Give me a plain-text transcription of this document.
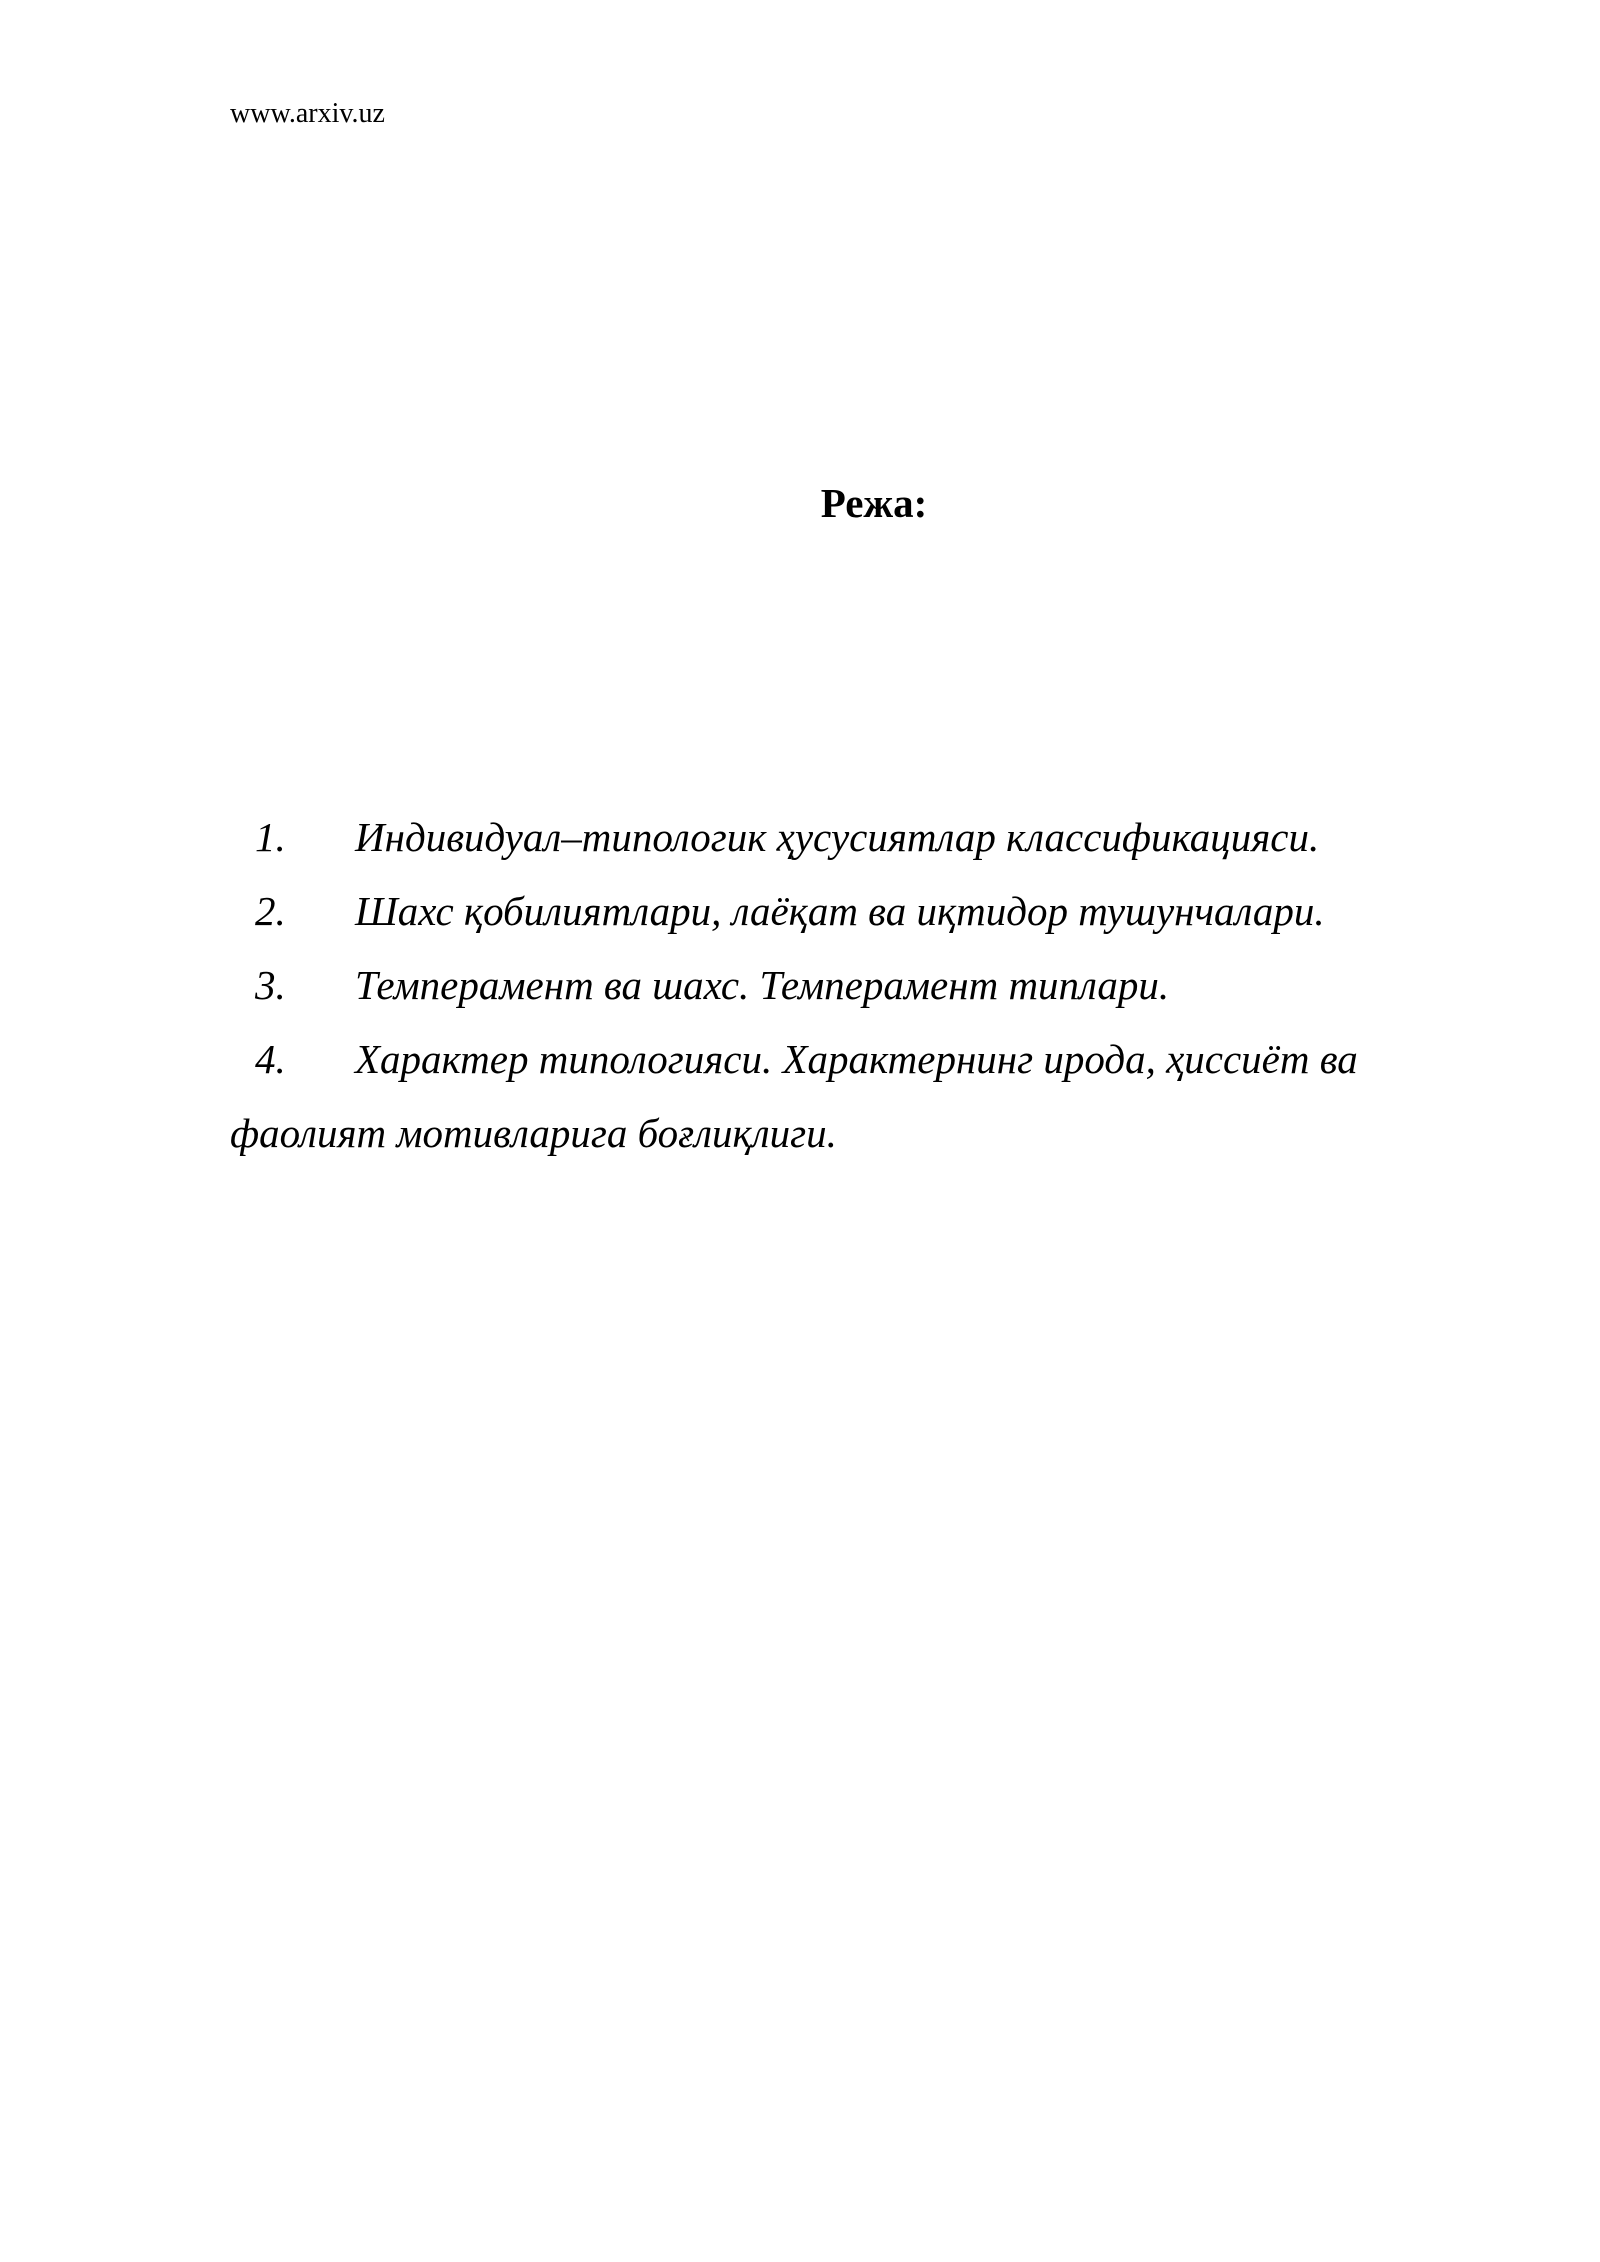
www.arxiv.uz
Режа:
1. Индивидуал–типологик ҳусусиятлар классификацияси.
2. Шахс қобилиятлари, лаёқат ва иқтидор тушунчалари.
3. Темперамент ва шахс. Темперамент типлари.
4. Характер типологияси. Характернинг ирода, ҳиссиёт ва фаолият мотивларига боғлиқлиги.
